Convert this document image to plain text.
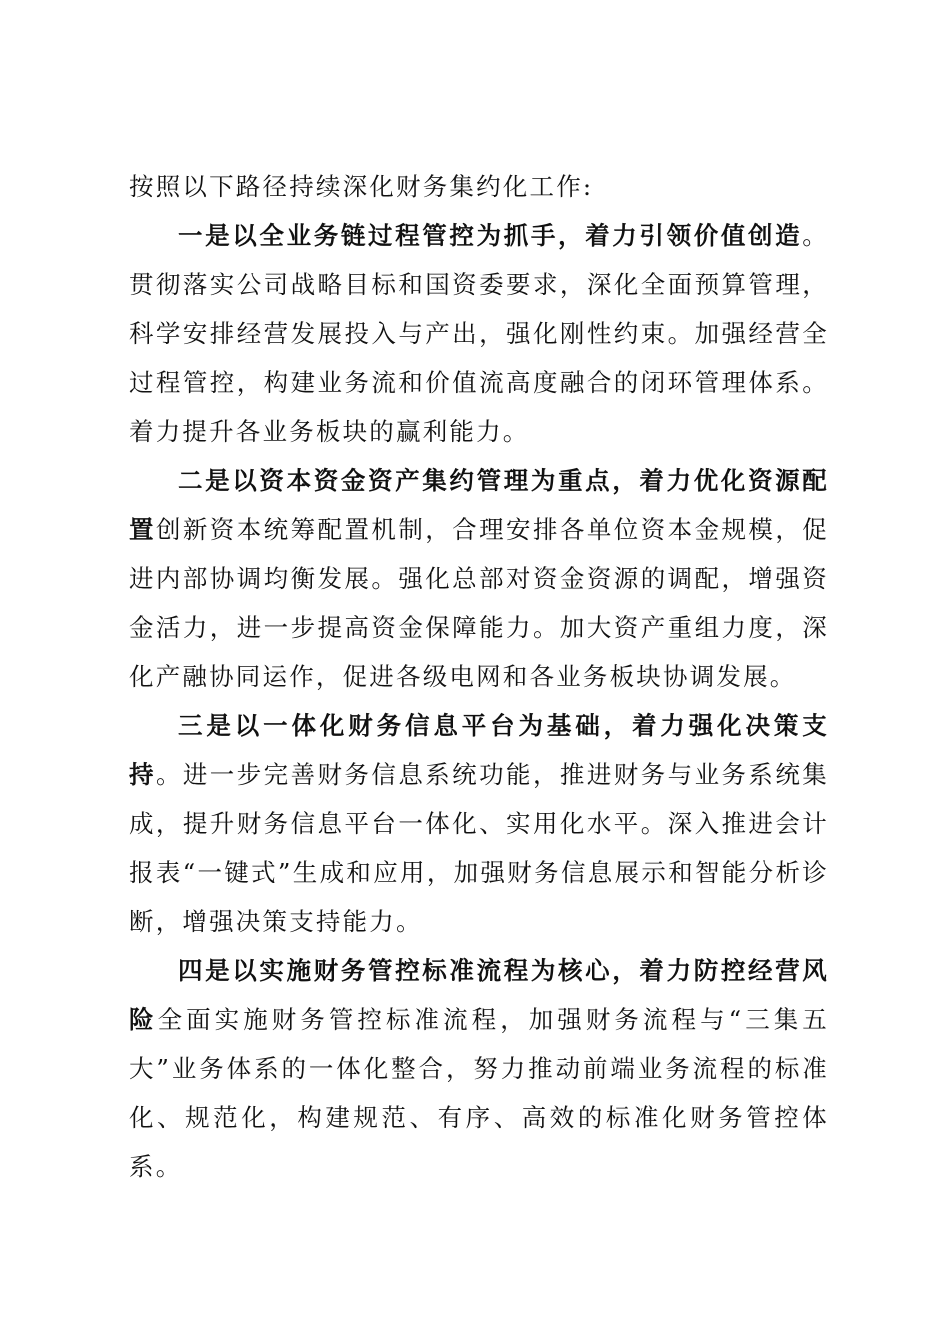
按照以下路径持续深化财务集约化工作:

一是以全业务链过程管控为抓手，着力引领价值创造。贯彻落实公司战略目标和国资委要求，深化全面预算管理，科学安排经营发展投入与产出，强化刚性约束。加强经营全过程管控，构建业务流和价值流高度融合的闭环管理体系。着力提升各业务板块的赢利能力。

二是以资本资金资产集约管理为重点，着力优化资源配置创新资本统筹配置机制，合理安排各单位资本金规模，促进内部协调均衡发展。强化总部对资金资源的调配，增强资金活力，进一步提高资金保障能力。加大资产重组力度，深化产融协同运作，促进各级电网和各业务板块协调发展。

三是以一体化财务信息平台为基础，着力强化决策支持。进一步完善财务信息系统功能，推进财务与业务系统集成，提升财务信息平台一体化、实用化水平。深入推进会计报表“一键式”生成和应用，加强财务信息展示和智能分析诊断，增强决策支持能力。

四是以实施财务管控标准流程为核心，着力防控经营风险全面实施财务管控标准流程，加强财务流程与“三集五大”业务体系的一体化整合，努力推动前端业务流程的标准化、规范化，构建规范、有序、高效的标准化财务管控体系。
